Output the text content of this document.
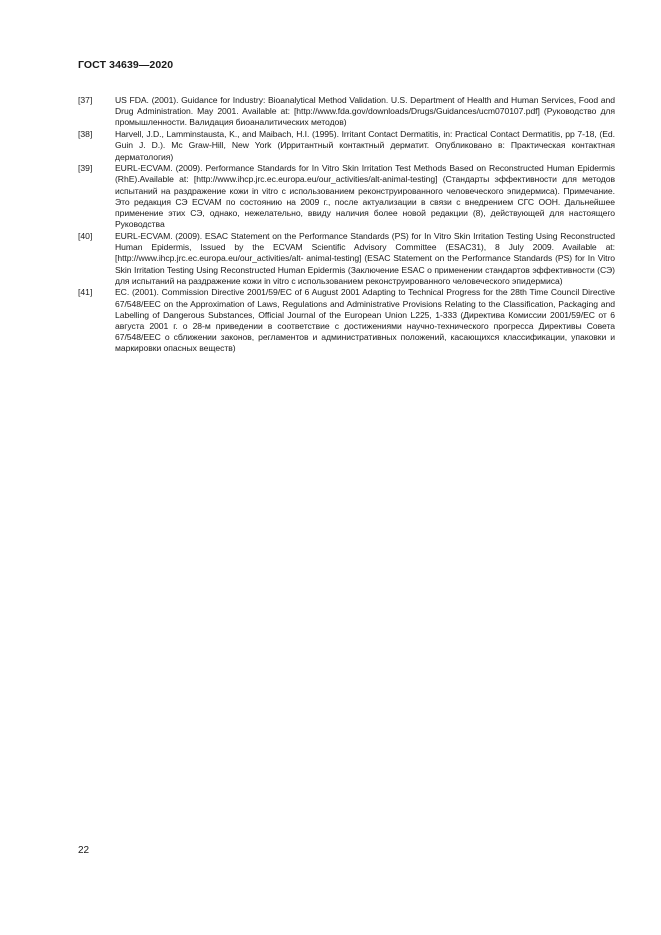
ГОСТ 34639—2020
[37]	US FDA. (2001). Guidance for Industry: Bioanalytical Method Validation. U.S. Department of Health and Human Services, Food and Drug Administration. May 2001. Available at: [http://www.fda.gov/downloads/Drugs/Guidances/ucm070107.pdf] (Руководство для промышленности. Валидация биоаналитических методов)
[38]	Harvell, J.D., Lamminstausta, K., and Maibach, H.I. (1995). Irritant Contact Dermatitis, in: Practical Contact Dermatitis, pp 7-18, (Ed. Guin J. D.). Mc Graw-Hill, New York (Ирритантный контактный дерматит. Опубликовано в: Практическая контактная дерматология)
[39]	EURL-ECVAM. (2009). Performance Standards for In Vitro Skin Irritation Test Methods Based on Reconstructed Human Epidermis (RhE).Available at: [http://www.ihcp.jrc.ec.europa.eu/our_activities/alt-animal-testing] (Стандарты эффективности для методов испытаний на раздражение кожи in vitro с использованием реконструированного человеческого эпидермиса). Примечание. Это редакция СЭ ECVAM по состоянию на 2009 г., после актуализации в связи с внедрением СГС ООН. Дальнейшее применение этих СЭ, однако, нежелательно, ввиду наличия более новой редакции (8), действующей для настоящего Руководства
[40]	EURL-ECVAM. (2009). ESAC Statement on the Performance Standards (PS) for In Vitro Skin Irritation Testing Using Reconstructed Human Epidermis, Issued by the ECVAM Scientific Advisory Committee (ESAC31), 8 July 2009. Available at: [http://www.ihcp.jrc.ec.europa.eu/our_activities/alt- animal-testing] (ESAC Statement on the Performance Standards (PS) for In Vitro Skin Irritation Testing Using Reconstructed Human Epidermis (Заключение ESAC о применении стандартов эффективности (СЭ) для испытаний на раздражение кожи in vitro с использованием реконструированного человеческого эпидермиса)
[41]	EC. (2001). Commission Directive 2001/59/EC of 6 August 2001 Adapting to Technical Progress for the 28th Time Council Directive 67/548/EEC on the Approximation of Laws, Regulations and Administrative Provisions Relating to the Classification, Packaging and Labelling of Dangerous Substances, Official Journal of the European Union L225, 1-333 (Директива Комиссии 2001/59/EC от 6 августа 2001 г. о 28-м приведении в соответствие с достижениями научно-технического прогресса Директивы Совета 67/548/EEC о сближении законов, регламентов и административных положений, касающихся классификации, упаковки и маркировки опасных веществ)
22
